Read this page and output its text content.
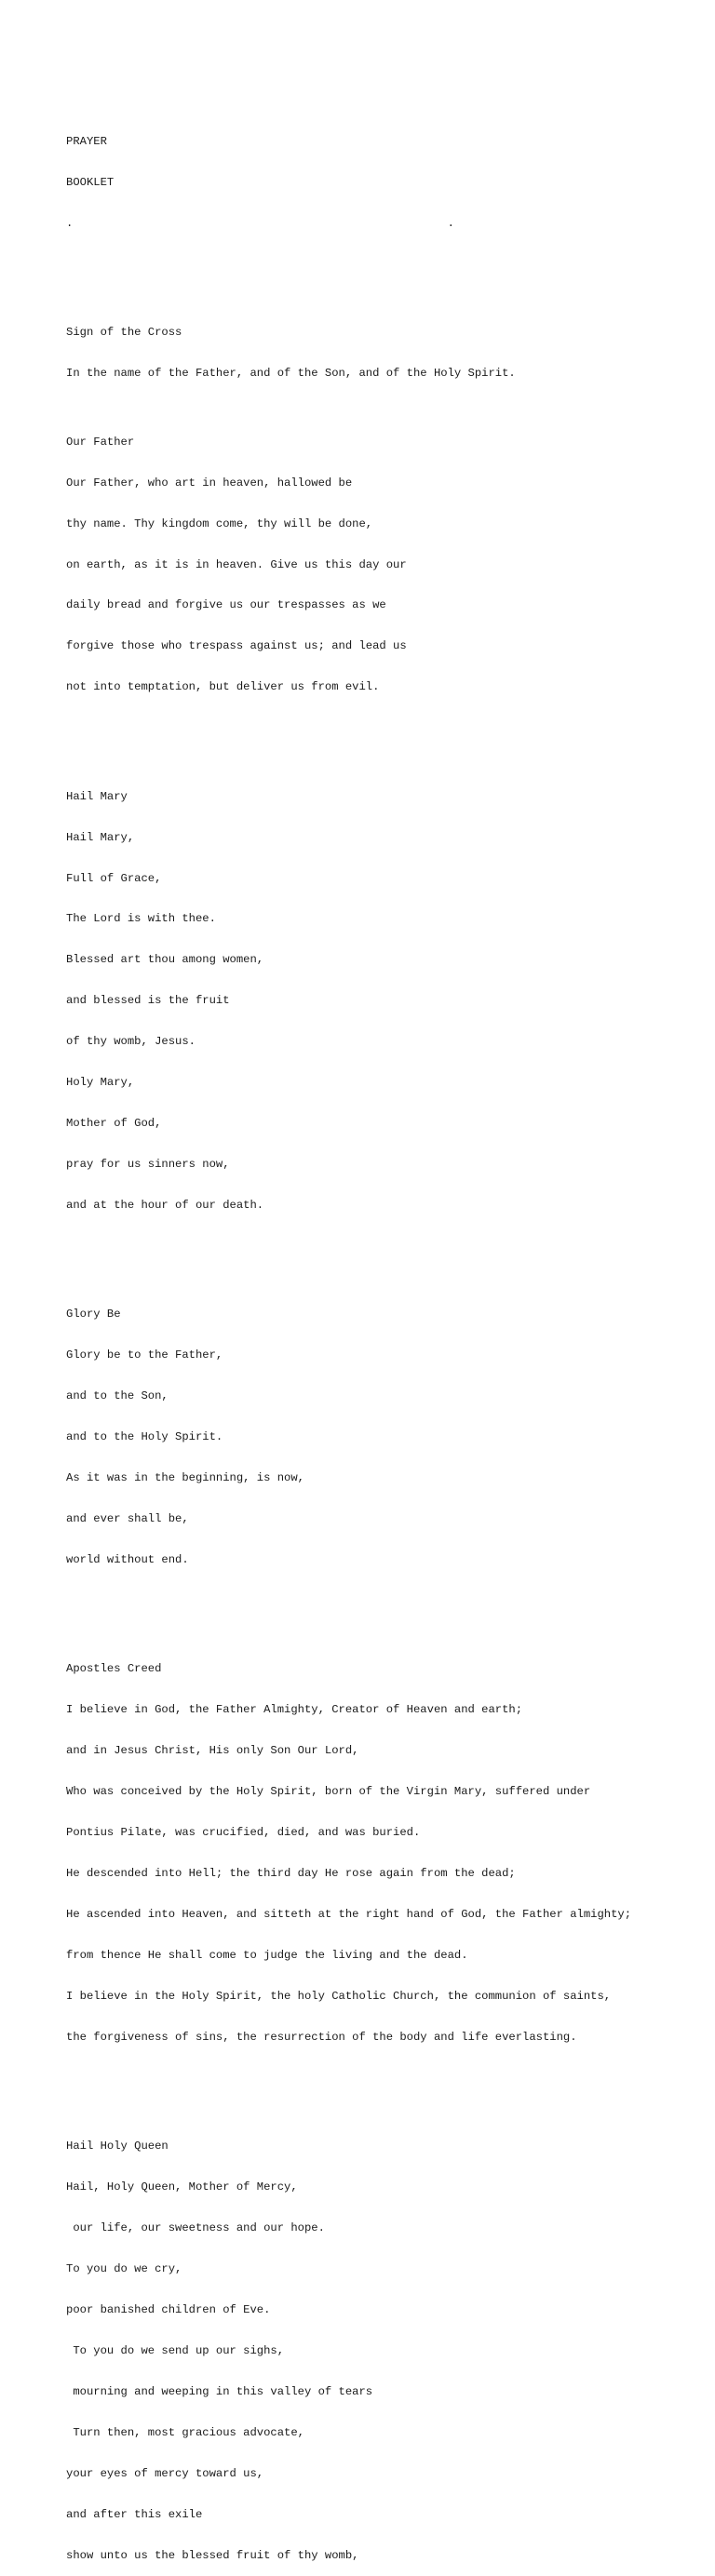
PRAYER

BOOKLET

.                                                       .

Sign of the Cross

In the name of the Father, and of the Son, and of the Holy Spirit.

Our Father

Our Father, who art in heaven, hallowed be

thy name. Thy kingdom come, thy will be done,

on earth, as it is in heaven. Give us this day our

daily bread and forgive us our trespasses as we

forgive those who trespass against us; and lead us

not into temptation, but deliver us from evil.

Hail Mary

Hail Mary,

Full of Grace,

The Lord is with thee.

Blessed art thou among women,

and blessed is the fruit

of thy womb, Jesus.

Holy Mary,

Mother of God,

pray for us sinners now,

and at the hour of our death.

Glory Be

Glory be to the Father,

and to the Son,

and to the Holy Spirit.

As it was in the beginning, is now,

and ever shall be,

world without end.

Apostles Creed

I believe in God, the Father Almighty, Creator of Heaven and earth;

and in Jesus Christ, His only Son Our Lord,

Who was conceived by the Holy Spirit, born of the Virgin Mary, suffered under

Pontius Pilate, was crucified, died, and was buried.

He descended into Hell; the third day He rose again from the dead;

He ascended into Heaven, and sitteth at the right hand of God, the Father almighty;

from thence He shall come to judge the living and the dead.

I believe in the Holy Spirit, the holy Catholic Church, the communion of saints,

the forgiveness of sins, the resurrection of the body and life everlasting.

Hail Holy Queen

Hail, Holy Queen, Mother of Mercy,

our life, our sweetness and our hope.

To you do we cry,

poor banished children of Eve.

To you do we send up our sighs,

mourning and weeping in this valley of tears

Turn then, most gracious advocate,

your eyes of mercy toward us,

and after this exile

show unto us the blessed fruit of thy womb,
